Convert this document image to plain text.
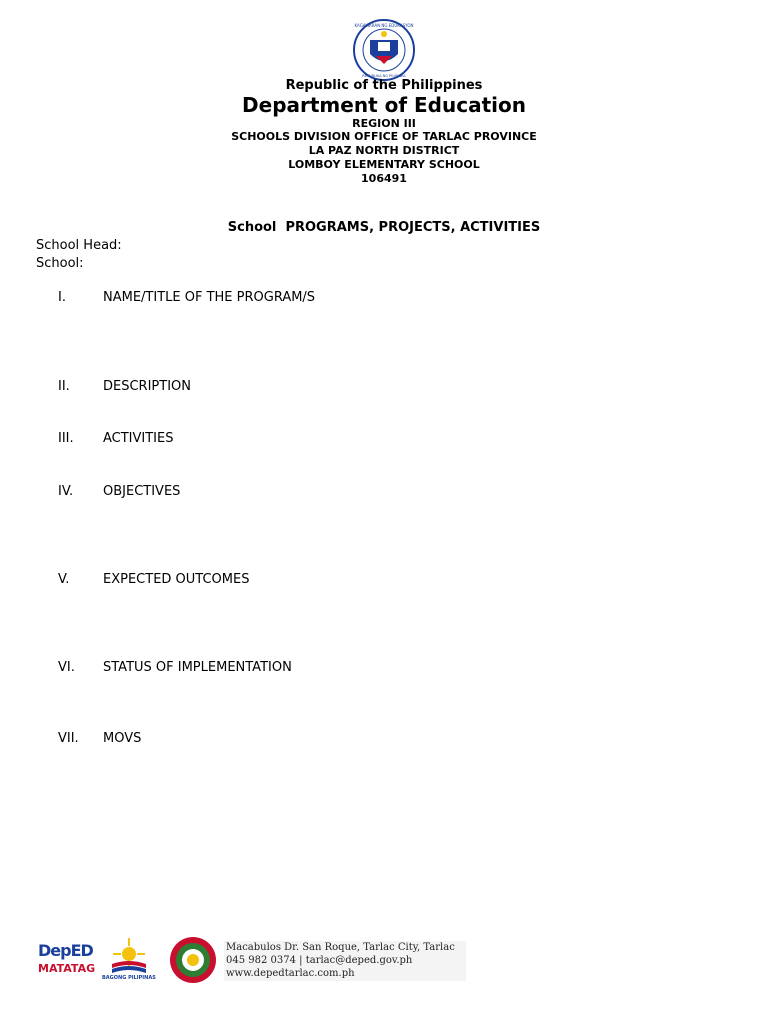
KAGAWARAN NG EDUKASYON
REPUBLIKA NG PILIPINAS
Republic of the Philippines
Department of Education
REGION III
SCHOOLS DIVISION OFFICE OF TARLAC PROVINCE
LA PAZ NORTH DISTRICT
LOMBOY ELEMENTARY SCHOOL
106491
School  PROGRAMS, PROJECTS, ACTIVITIES
School Head:
School:
I.	NAME/TITLE OF THE PROGRAM/S
II.	DESCRIPTION
III. ACTIVITIES
IV. OBJECTIVES
V.	EXPECTED OUTCOMES
VI. STATUS OF IMPLEMENTATION
VII. MOVS
DepED
MATATAG
BAGONG PILIPINAS
Macabulos Dr. San Roque, Tarlac City, Tarlac
045 982 0374 | tarlac@deped.gov.ph
www.depedtarlac.com.ph
